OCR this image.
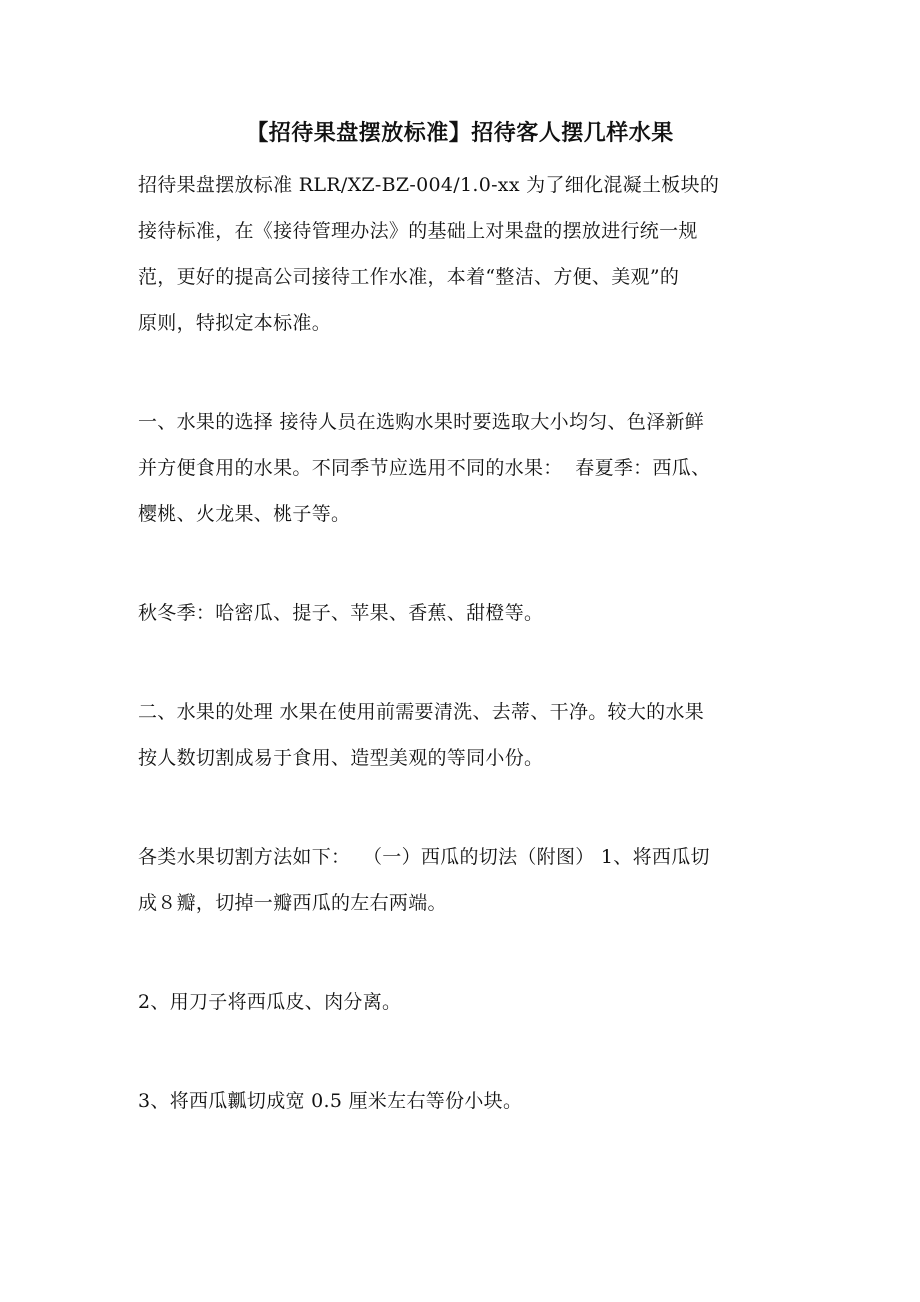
【招待果盘摆放标准】招待客人摆几样水果
招待果盘摆放标准 RLR/XZ-BZ-004/1.0-xx 为了细化混凝土板块的
接待标准，在《接待管理办法》的基础上对果盘的摆放进行统一规
范，更好的提高公司接待工作水准，本着“整洁、方便、美观”的
原则，特拟定本标准。
一、水果的选择 接待人员在选购水果时要选取大小均匀、色泽新鲜
并方便食用的水果。不同季节应选用不同的水果：  春夏季：西瓜、
樱桃、火龙果、桃子等。
秋冬季：哈密瓜、提子、苹果、香蕉、甜橙等。
二、水果的处理 水果在使用前需要清洗、去蒂、干净。较大的水果
按人数切割成易于食用、造型美观的等同小份。
各类水果切割方法如下：  （一）西瓜的切法（附图） 1、将西瓜切
成８瓣，切掉一瓣西瓜的左右两端。
2、用刀子将西瓜皮、肉分离。
3、将西瓜瓤切成宽 0.5 厘米左右等份小块。
